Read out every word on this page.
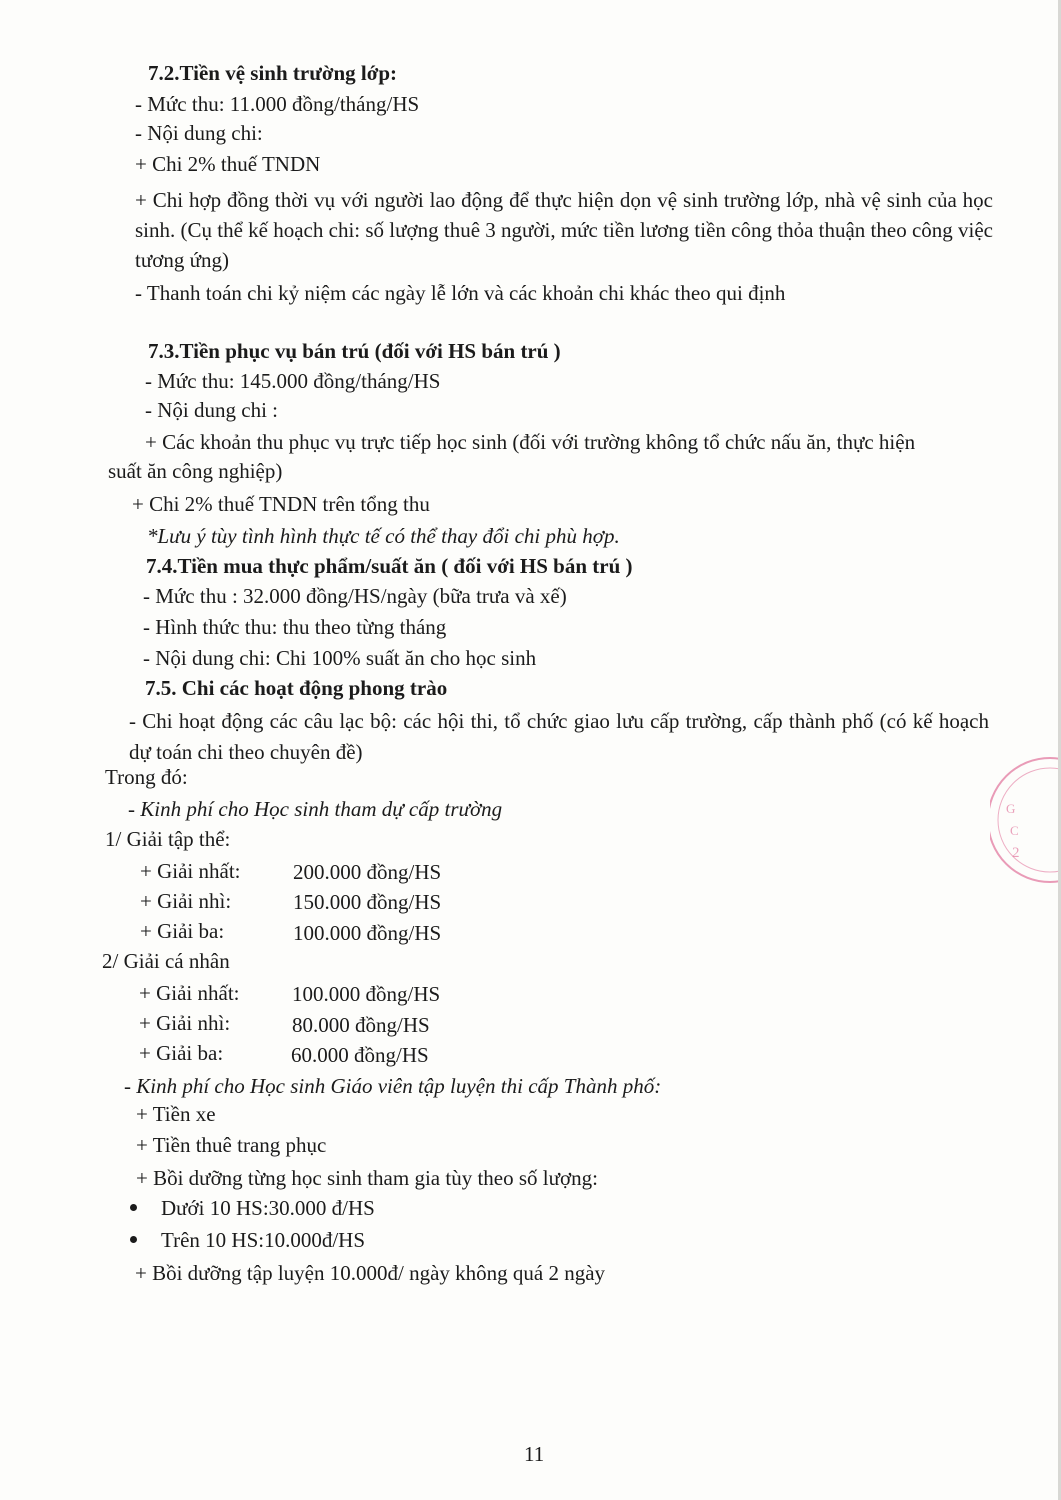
7.2.Tiền vệ sinh trường lớp:
- Mức thu: 11.000 đồng/tháng/HS
- Nội dung chi:
+ Chi 2% thuế TNDN
+ Chi hợp đồng thời vụ với người lao động để thực hiện dọn vệ sinh trường lớp, nhà vệ sinh của học sinh. (Cụ thể kế hoạch chi: số lượng thuê 3 người, mức tiền lương tiền công thỏa thuận theo công việc tương ứng)
- Thanh toán chi kỷ niệm các ngày lễ lớn và các khoản chi khác theo qui định
7.3.Tiền phục vụ bán trú (đối với HS bán trú )
- Mức thu: 145.000 đồng/tháng/HS
- Nội dung chi :
+ Các khoản thu phục vụ trực tiếp học sinh (đối với trường không tổ chức nấu ăn, thực hiện
suất ăn công nghiệp)
+ Chi 2% thuế TNDN trên tổng thu
*Lưu ý tùy tình hình thực tế có thể thay đổi chi phù hợp.
7.4.Tiền mua thực phẩm/suất ăn ( đối với HS bán trú )
- Mức thu : 32.000 đồng/HS/ngày (bữa trưa và xế)
- Hình thức thu: thu theo từng tháng
- Nội dung chi: Chi 100% suất ăn cho học sinh
7.5. Chi các hoạt động phong trào
- Chi hoạt động các câu lạc bộ: các hội thi, tổ chức giao lưu cấp trường, cấp thành phố (có kế hoạch dự toán chi theo chuyên đề)
Trong đó:
- Kinh phí cho Học sinh tham dự cấp trường
1/ Giải tập thể:
+ Giải nhất:	200.000 đồng/HS
+ Giải nhì:	150.000 đồng/HS
+ Giải ba:	100.000 đồng/HS
2/ Giải cá nhân
+ Giải nhất:	100.000 đồng/HS
+ Giải nhì:	80.000 đồng/HS
+ Giải ba:	60.000 đồng/HS
- Kinh phí cho Học sinh Giáo viên tập luyện thi cấp Thành phố:
+ Tiền xe
+ Tiền thuê trang phục
+ Bồi dưỡng từng học sinh tham gia tùy theo số lượng:
Dưới 10 HS:30.000 đ/HS
Trên 10 HS:10.000đ/HS
+ Bồi dưỡng tập luyện 10.000đ/ ngày không quá 2 ngày
11
G
C
2
